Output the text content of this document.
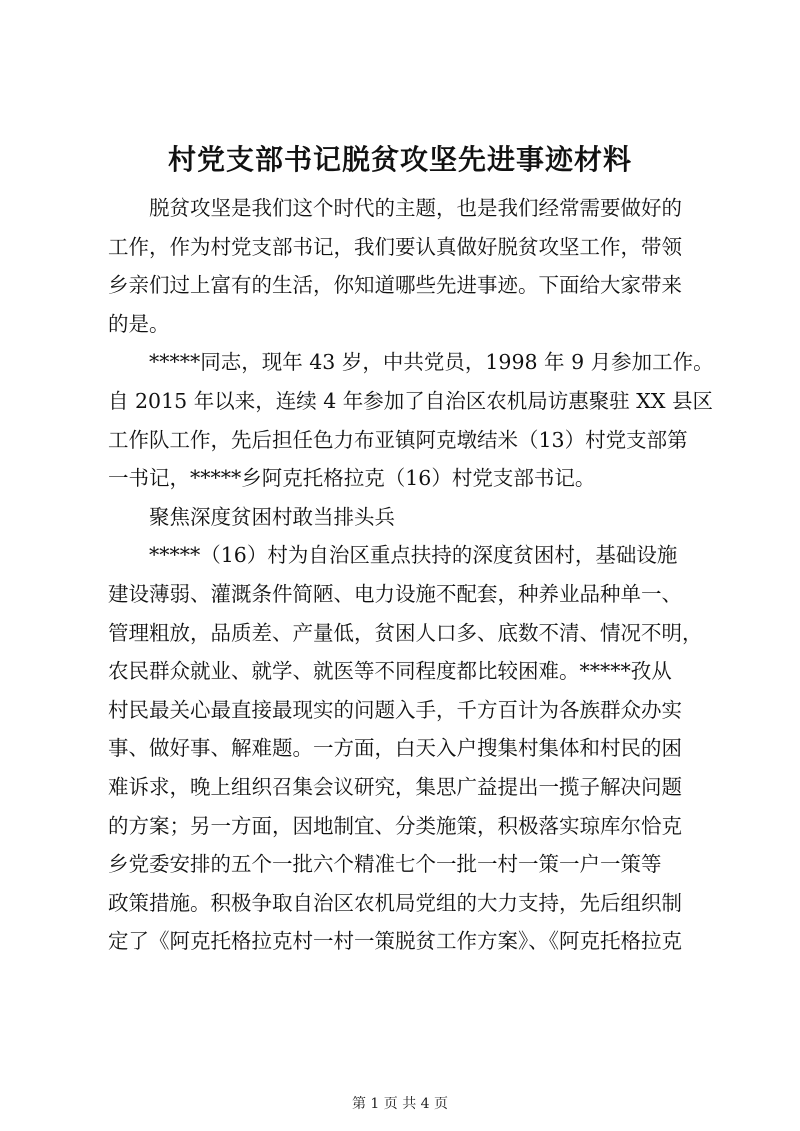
村党支部书记脱贫攻坚先进事迹材料
脱贫攻坚是我们这个时代的主题，也是我们经常需要做好的
工作，作为村党支部书记，我们要认真做好脱贫攻坚工作，带领
乡亲们过上富有的生活，你知道哪些先进事迹。下面给大家带来
的是。
*****同志，现年 43 岁，中共党员，1998 年 9 月参加工作。
自 2015 年以来，连续 4 年参加了自治区农机局访惠聚驻 XX 县区
工作队工作，先后担任色力布亚镇阿克墩结米（13）村党支部第
一书记，*****乡阿克托格拉克（16）村党支部书记。
聚焦深度贫困村敢当排头兵
*****（16）村为自治区重点扶持的深度贫困村，基础设施
建设薄弱、灌溉条件简陋、电力设施不配套，种养业品种单一、
管理粗放，品质差、产量低，贫困人口多、底数不清、情况不明，
农民群众就业、就学、就医等不同程度都比较困难。*****孜从
村民最关心最直接最现实的问题入手，千方百计为各族群众办实
事、做好事、解难题。一方面，白天入户搜集村集体和村民的困
难诉求，晚上组织召集会议研究，集思广益提出一揽子解决问题
的方案；另一方面，因地制宜、分类施策，积极落实琼库尔恰克
乡党委安排的五个一批六个精准七个一批一村一策一户一策等
政策措施。积极争取自治区农机局党组的大力支持，先后组织制
定了《阿克托格拉克村一村一策脱贫工作方案》、《阿克托格拉克
第 1 页 共 4 页
